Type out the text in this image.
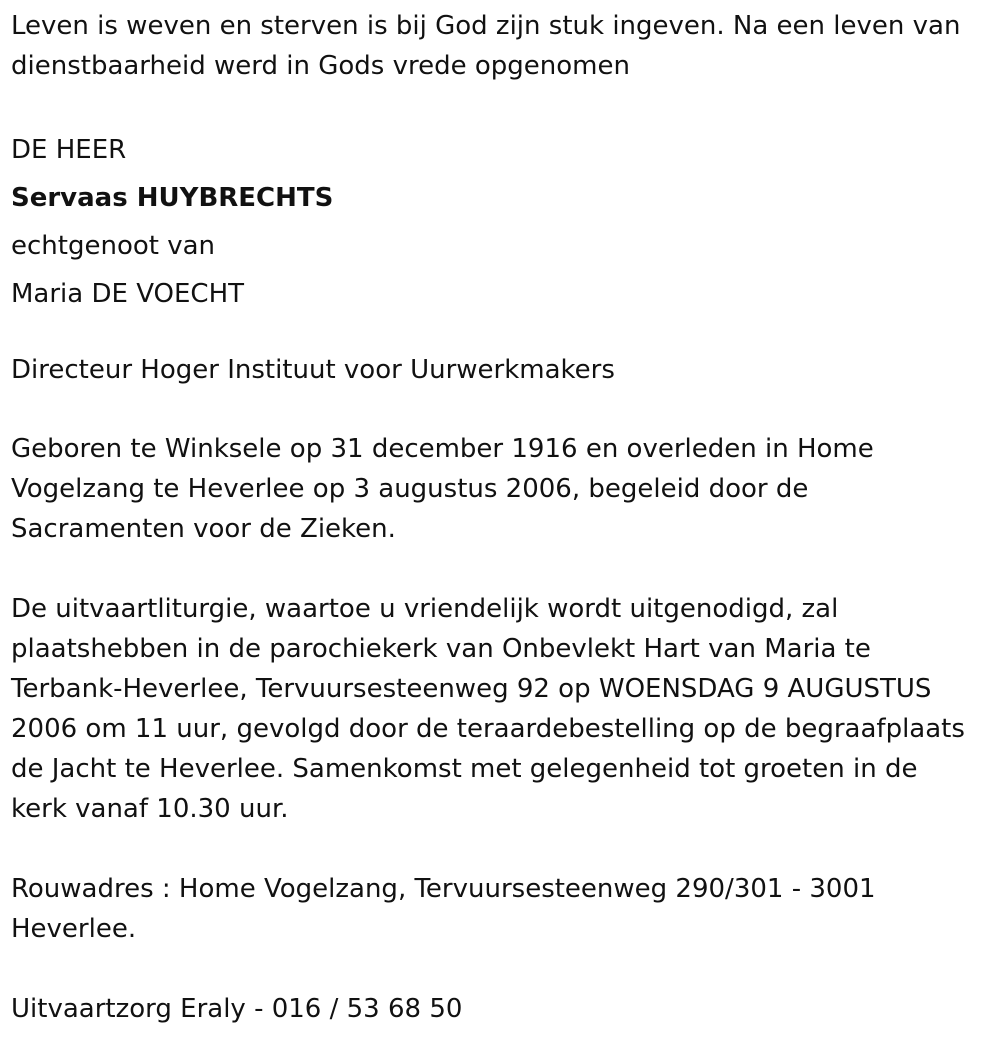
Leven is weven en sterven is bij God zijn stuk ingeven. Na een leven van
dienstbaarheid werd in Gods vrede opgenomen
DE HEER
Servaas HUYBRECHTS
echtgenoot van
Maria DE VOECHT
Directeur Hoger Instituut voor Uurwerkmakers
Geboren te Winksele op 31 december 1916 en overleden in Home
Vogelzang te Heverlee op 3 augustus 2006, begeleid door de
Sacramenten voor de Zieken.
De uitvaartliturgie, waartoe u vriendelijk wordt uitgenodigd, zal
plaatshebben in de parochiekerk van Onbevlekt Hart van Maria te
Terbank-Heverlee, Tervuursesteenweg 92 op WOENSDAG 9 AUGUSTUS
2006 om 11 uur, gevolgd door de teraardebestelling op de begraafplaats
de Jacht te Heverlee. Samenkomst met gelegenheid tot groeten in de
kerk vanaf 10.30 uur.
Rouwadres : Home Vogelzang, Tervuursesteenweg 290/301 - 3001
Heverlee.
Uitvaartzorg Eraly - 016 / 53 68 50
